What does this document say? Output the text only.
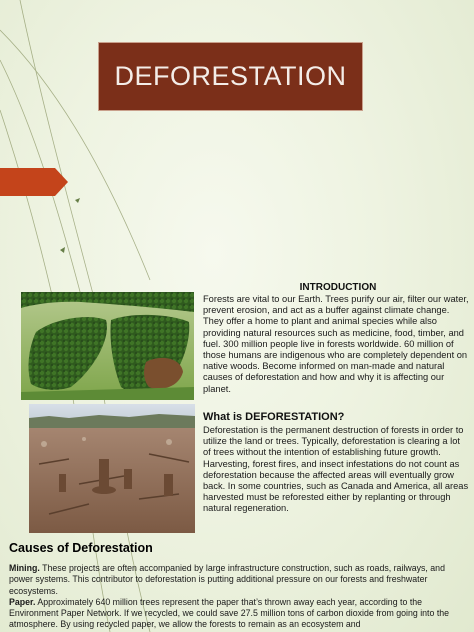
DEFORESTATION
INTRODUCTION
Forests are vital to our Earth. Trees purify our air, filter our water, prevent erosion, and act as a buffer against climate change. They offer a home to plant and animal species while also providing natural resources such as medicine, food, timber, and fuel. 300 million people live in forests worldwide. 60 million of those humans are indigenous who are completely dependent on native woods. Become informed on man-made and natural causes of deforestation and how and why it is affecting our planet.
What is DEFORESTATION?
Deforestation is the permanent destruction of forests in order to utilize the land or trees. Typically, deforestation is clearing a lot of trees without the intention of establishing future growth. Harvesting, forest fires, and insect infestations do not count as deforestation because the affected areas will eventually grow back. In some countries, such as Canada and America, all areas harvested must be reforested either by replanting or through natural regeneration.
Causes of Deforestation
Mining. These projects are often accompanied by large infrastructure construction, such as roads, railways, and power systems. This contributor to deforestation is putting additional pressure on our forests and freshwater ecosystems.
Paper. Approximately 640 million trees represent the paper that’s thrown away each year, according to the Environment Paper Network. If we recycled, we could save 27.5 million tons of carbon dioxide from going into the atmosphere. By using recycled paper, we allow the forests to remain as an ecosystem and
